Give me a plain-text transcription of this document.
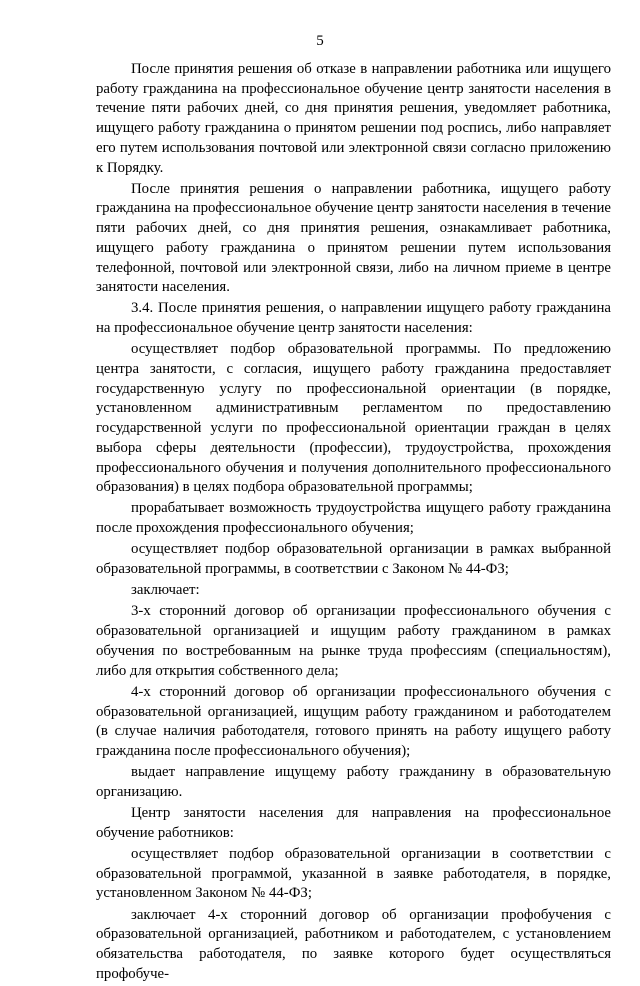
5

После принятия решения об отказе в направлении работника или ищущего работу гражданина на профессиональное обучение центр занятости населения в течение пяти рабочих дней, со дня принятия решения, уведомляет работника, ищущего работу гражданина о принятом решении под роспись, либо направляет его путем использования почтовой или электронной связи согласно приложению к Порядку.

После принятия решения о направлении работника, ищущего работу гражданина на профессиональное обучение центр занятости населения в течение пяти рабочих дней, со дня принятия решения, ознакамливает работника, ищущего работу гражданина о принятом решении путем использования телефонной, почтовой или электронной связи, либо на личном приеме в центре занятости населения.

3.4. После принятия решения, о направлении ищущего работу гражданина на профессиональное обучение центр занятости населения:

осуществляет подбор образовательной программы. По предложению центра занятости, с согласия, ищущего работу гражданина предоставляет государственную услугу по профессиональной ориентации (в порядке, установленном административным регламентом по предоставлению государственной услуги по профессиональной ориентации граждан в целях выбора сферы деятельности (профессии), трудоустройства, прохождения профессионального обучения и получения дополнительного профессионального образования) в целях подбора образовательной программы;

прорабатывает возможность трудоустройства ищущего работу гражданина после прохождения профессионального обучения;

осуществляет подбор образовательной организации в рамках выбранной образовательной программы, в соответствии с Законом № 44-ФЗ;

заключает:

3-х сторонний договор об организации профессионального обучения с образовательной организацией и ищущим работу гражданином в рамках обучения по востребованным на рынке труда профессиям (специальностям), либо для открытия собственного дела;

4-х сторонний договор об организации профессионального обучения с образовательной организацией, ищущим работу гражданином и работодателем (в случае наличия работодателя, готового принять на работу ищущего работу гражданина после профессионального обучения);

выдает направление ищущему работу гражданину в образовательную организацию.

Центр занятости населения для направления на профессиональное обучение работников:

осуществляет подбор образовательной организации в соответствии с образовательной программой, указанной в заявке работодателя, в порядке, установленном Законом № 44-ФЗ;

заключает 4-х сторонний договор об организации профобучения с образовательной организацией, работником и работодателем, с установлением обязательства работодателя, по заявке которого будет осуществляться профобуче-
